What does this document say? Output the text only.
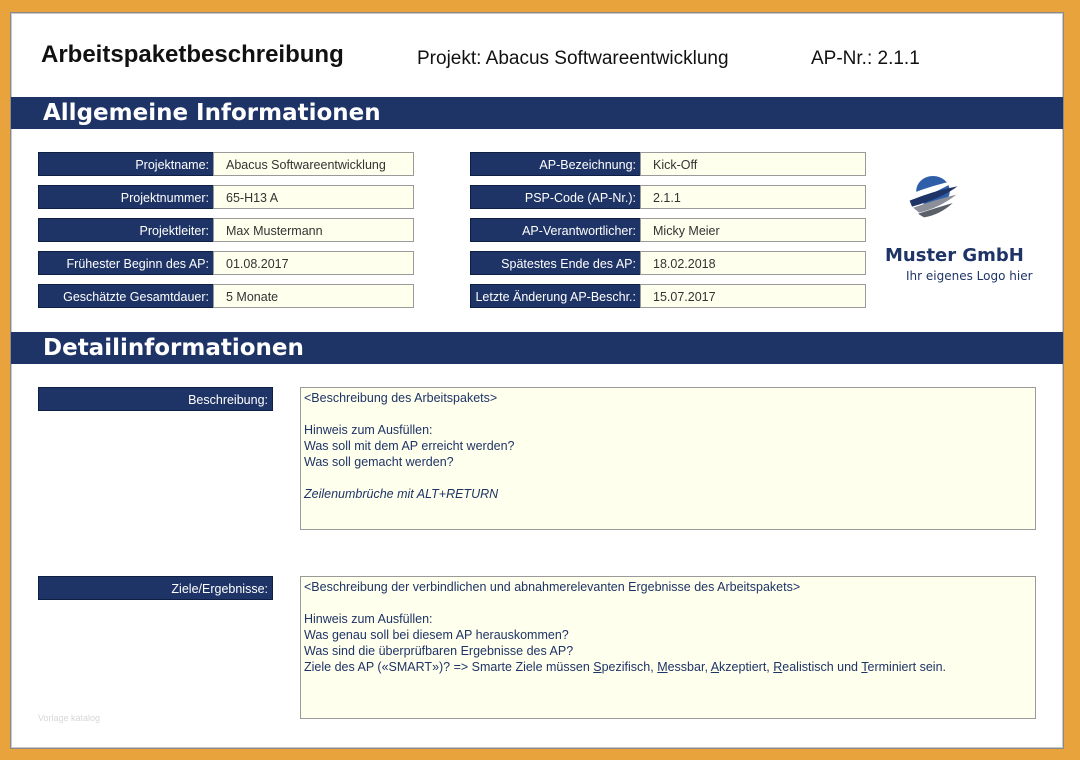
Arbeitspaketbeschreibung	Projekt: Abacus Softwareentwicklung	AP-Nr.: 2.1.1
Allgemeine Informationen
Projektname:	Abacus Softwareentwicklung
Projektnummer:	65-H13 A
Projektleiter:	Max Mustermann
Frühester Beginn des AP:	01.08.2017
Geschätzte Gesamtdauer:	5 Monate
AP-Bezeichnung:	Kick-Off
PSP-Code (AP-Nr.):	2.1.1
AP-Verantwortlicher:	Micky Meier
Spätestes Ende des AP:	18.02.2018
Letzte Änderung AP-Beschr.:	15.07.2017
Muster GmbH
Ihr eigenes Logo hier
Detailinformationen
Beschreibung:	<Beschreibung des Arbeitspakets>
Hinweis zum Ausfüllen:
Was soll mit dem AP erreicht werden?
Was soll gemacht werden?
Zeilenumbrüche mit ALT+RETURN
Ziele/Ergebnisse:	<Beschreibung der verbindlichen und abnahmerelevanten Ergebnisse des Arbeitspakets>
Hinweis zum Ausfüllen:
Was genau soll bei diesem AP herauskommen?
Was sind die überprüfbaren Ergebnisse des AP?
Ziele des AP («SMART»)? => Smarte Ziele müssen Spezifisch, Messbar, Akzeptiert, Realistisch und Terminiert sein.
Vorlage katalog
